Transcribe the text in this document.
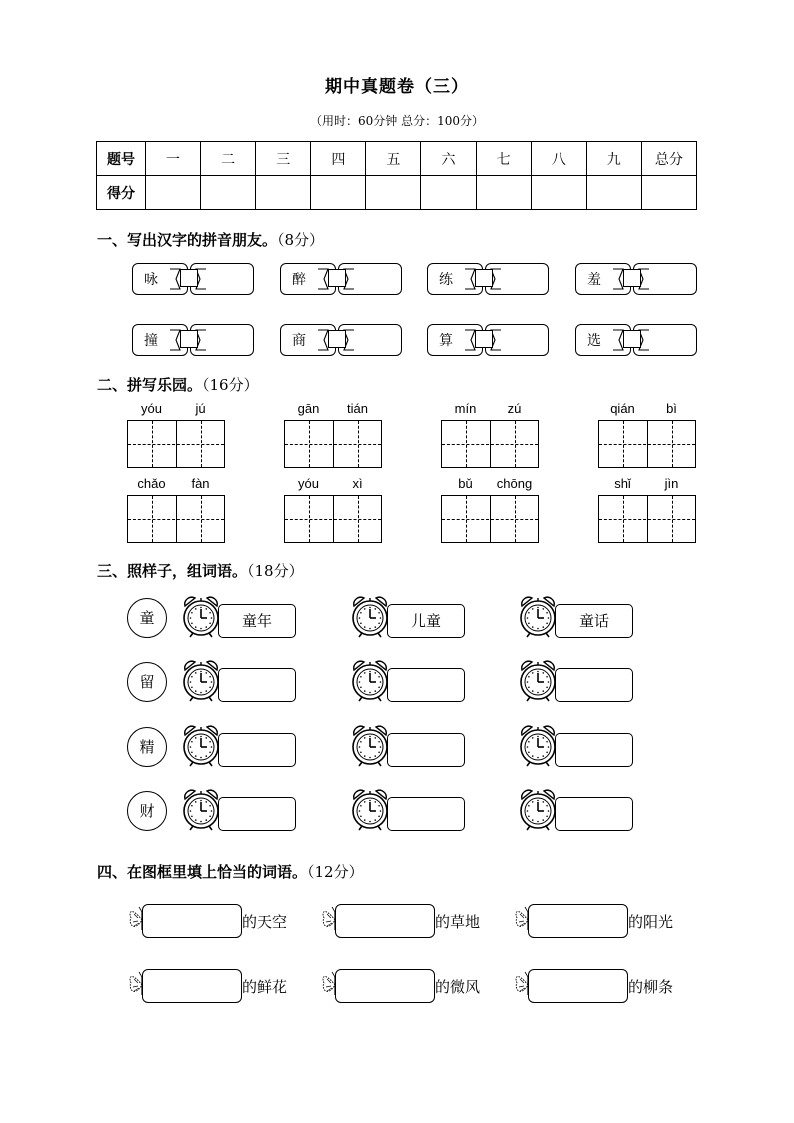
期中真题卷（三）
（用时：60分钟 总分：100分）
题号	一	二	三	四	五	六	七	八	九	总分
得分										
一、写出汉字的拼音朋友。（8分）
咏	醉	练	羞
撞	商	算	选
二、拼写乐园。（16分）
yóu	jú	gān	tián	mín	zú	qián	bì
chǎo	fàn	yóu	xì	bǔ	chōng	shǐ	jìn
三、照样子，组词语。（18分）
童	童年	儿童	童话
留
精
财
四、在图框里填上恰当的词语。（12分）
的天空	的草地	的阳光
的鲜花	的微风	的柳条
